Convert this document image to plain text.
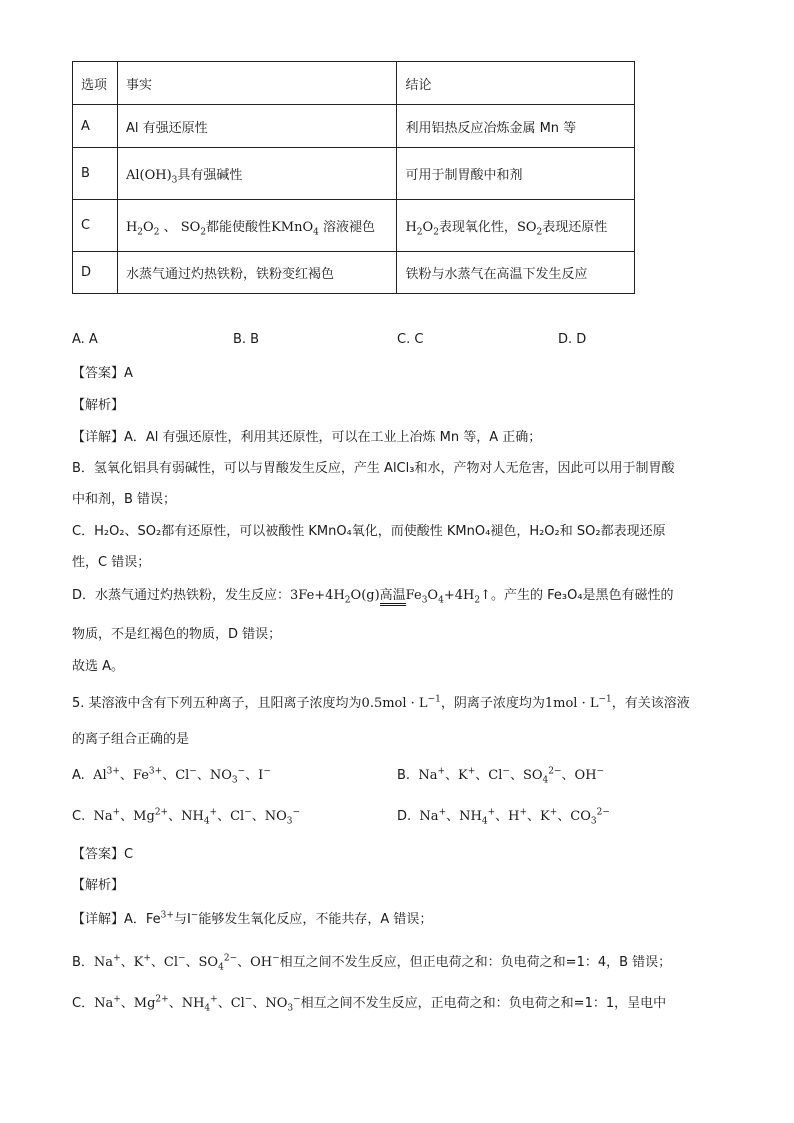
选项	事实	结论
A	Al 有强还原性	利用铝热反应冶炼金属 Mn 等
B	$Al(OH)_3$具有强碱性	可用于制胃酸中和剂
C	$H_2O_2$ 、 $SO_2$都能使酸性KMnO$_4$ 溶液褪色	$H_2O_2$表现氧化性，$SO_2$表现还原性
D	水蒸气通过灼热铁粉，铁粉变红褐色	铁粉与水蒸气在高温下发生反应
A. A	B. B	C. C	D. D
【答案】A
【解析】
【详解】A．Al 有强还原性，利用其还原性，可以在工业上冶炼 Mn 等，A 正确；
B．氢氧化铝具有弱碱性，可以与胃酸发生反应，产生 AlCl₃和水，产物对人无危害，因此可以用于制胃酸
中和剂，B 错误；
C．H₂O₂、SO₂都有还原性，可以被酸性 KMnO₄氧化，而使酸性 KMnO₄褪色，H₂O₂和 SO₂都表现还原
性，C 错误；
D．水蒸气通过灼热铁粉，发生反应：$3Fe+4H_2O(g)$高温$Fe_3O_4+4H_2↑$。产生的 Fe₃O₄是黑色有磁性的
物质，不是红褐色的物质，D 错误；
故选 A。
5. 某溶液中含有下列五种离子，且阳离子浓度均为$0.5mol \cdot L^{-1}$，阴离子浓度均为$1mol \cdot L^{-1}$，有关该溶液
的离子组合正确的是
A.  $Al^{3+}$、$Fe^{3+}$、Cl−、$NO_3^-$、I−	B.  Na+、K+、Cl−、$SO_4^{2-}$、OH−
C.  Na+、$Mg^{2+}$、$NH_4^+$、Cl−、$NO_3^-$	D.  Na+、$NH_4^+$、H+、K+、$CO_3^{2-}$
【答案】C
【解析】
【详解】A．$Fe^{3+}$与I−能够发生氧化反应，不能共存，A 错误；
B．Na+、K+、Cl−、$SO_4^{2-}$、OH−相互之间不发生反应，但正电荷之和：负电荷之和=1：4，B 错误；
C．Na+、$Mg^{2+}$、$NH_4^+$、Cl−、$NO_3^-$相互之间不发生反应，正电荷之和：负电荷之和=1：1，呈电中
